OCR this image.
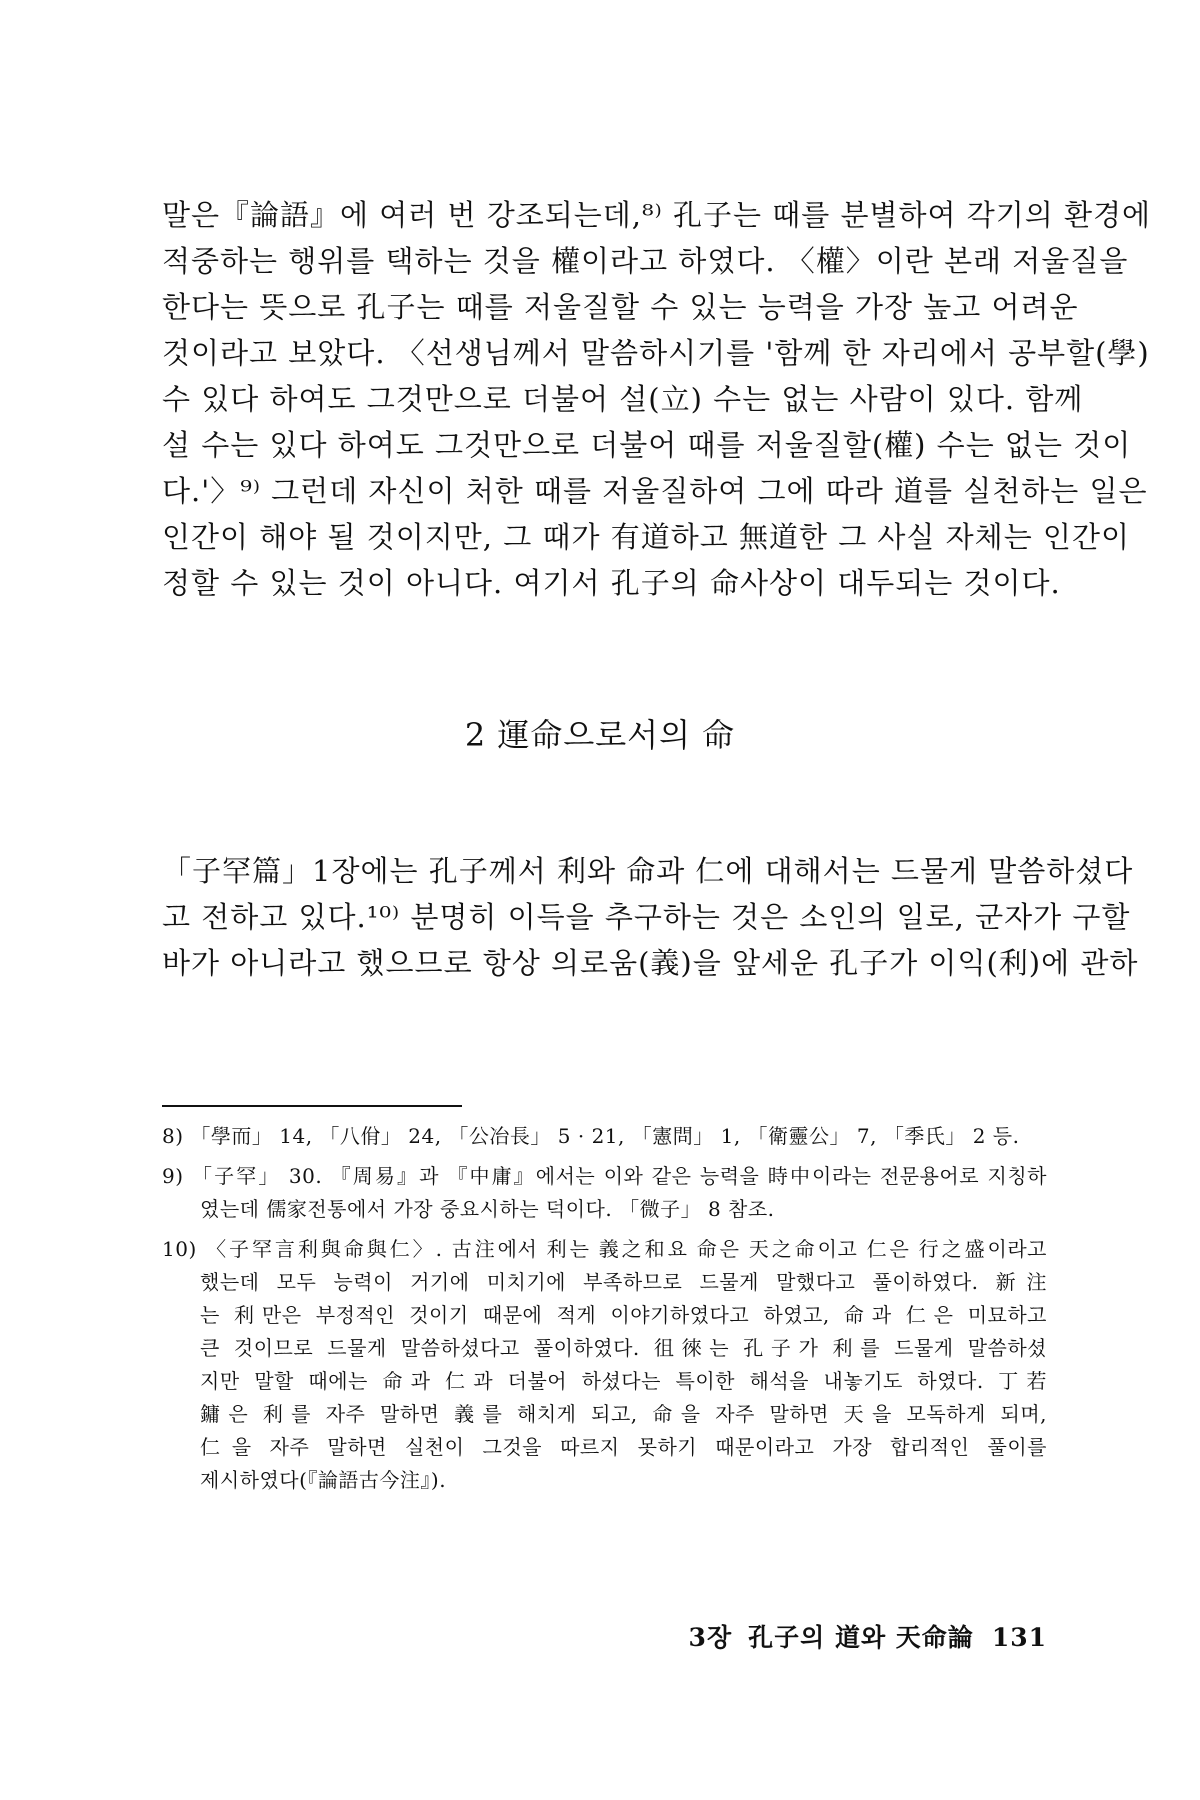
말은『論語』에 여러 번 강조되는데,⁸⁾ 孔子는 때를 분별하여 각기의 환경에
적중하는 행위를 택하는 것을 權이라고 하였다. 〈權〉이란 본래 저울질을
한다는 뜻으로 孔子는 때를 저울질할 수 있는 능력을 가장 높고 어려운
것이라고 보았다. 〈선생님께서 말씀하시기를 '함께 한 자리에서 공부할(學)
수 있다 하여도 그것만으로 더불어 설(立) 수는 없는 사람이 있다. 함께
설 수는 있다 하여도 그것만으로 더불어 때를 저울질할(權) 수는 없는 것이
다.'〉⁹⁾ 그런데 자신이 처한 때를 저울질하여 그에 따라 道를 실천하는 일은
인간이 해야 될 것이지만, 그 때가 有道하고 無道한 그 사실 자체는 인간이
정할 수 있는 것이 아니다. 여기서 孔子의 命사상이 대두되는 것이다.
2 運命으로서의 命
「子罕篇」1장에는 孔子께서 利와 命과 仁에 대해서는 드물게 말씀하셨다
고 전하고 있다.¹⁰⁾ 분명히 이득을 추구하는 것은 소인의 일로, 군자가 구할
바가 아니라고 했으므로 항상 의로움(義)을 앞세운 孔子가 이익(利)에 관하
8) 「學而」 14, 「八佾」 24, 「公冶長」 5 · 21, 「憲問」 1, 「衛靈公」 7, 「季氏」 2 등.
9) 「子罕」 30. 『周易』과 『中庸』에서는 이와 같은 능력을 時中이라는 전문용어로 지칭하
였는데 儒家전통에서 가장 중요시하는 덕이다. 「微子」 8 참조.
10) 〈子罕言利與命與仁〉. 古注에서 利는 義之和요 命은 天之命이고 仁은 行之盛이라고
했는데 모두 능력이 거기에 미치기에 부족하므로 드물게 말했다고 풀이하였다. 新注
는 利만은 부정적인 것이기 때문에 적게 이야기하였다고 하였고, 命과 仁은 미묘하고
큰 것이므로 드물게 말씀하셨다고 풀이하였다. 徂徠는 孔子가 利를 드물게 말씀하셨
지만 말할 때에는 命과 仁과 더불어 하셨다는 특이한 해석을 내놓기도 하였다. 丁若
鏞은 利를 자주 말하면 義를 해치게 되고, 命을 자주 말하면 天을 모독하게 되며,
仁을 자주 말하면 실천이 그것을 따르지 못하기 때문이라고 가장 합리적인 풀이를
제시하였다(『論語古今注』).
3장 孔子의 道와 天命論 131
